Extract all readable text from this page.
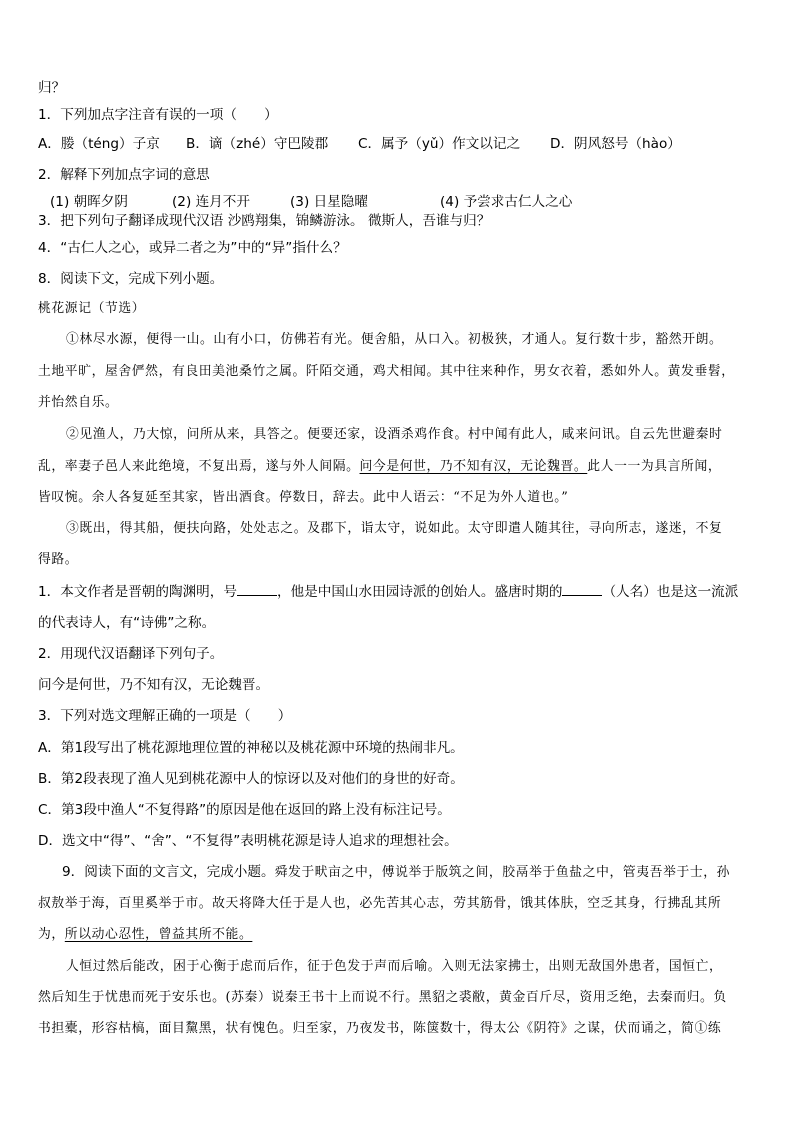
归？
1．下列加点字注音有误的一项（　　）
A．媵（téng）子京 B．谪（zhé）守巴陵郡 C．属予（yǔ）作文以记之 D．阴风怒号（hào）
2．解释下列加点字词的意思
(1) 朝晖夕阴	(2) 连月不开	(3) 日星隐曜	(4) 予尝求古仁人之心
3．把下列句子翻译成现代汉语 沙鸥翔集，锦鳞游泳。 微斯人，吾谁与归？
4．“古仁人之心，或异二者之为”中的“异”指什么？
8．阅读下文，完成下列小题。
桃花源记（节选）
①林尽水源，便得一山。山有小口，仿佛若有光。便舍船，从口入。初极狭，才通人。复行数十步，豁然开朗。
土地平旷，屋舍俨然，有良田美池桑竹之属。阡陌交通，鸡犬相闻。其中往来种作，男女衣着，悉如外人。黄发垂髫，
并怡然自乐。
②见渔人，乃大惊，问所从来，具答之。便要还家，设酒杀鸡作食。村中闻有此人，咸来问讯。自云先世避秦时
乱，率妻子邑人来此绝境，不复出焉，遂与外人间隔。问今是何世，乃不知有汉，无论魏晋。此人一一为具言所闻，
皆叹惋。余人各复延至其家，皆出酒食。停数日，辞去。此中人语云：“不足为外人道也。”
③既出，得其船，便扶向路，处处志之。及郡下，诣太守，说如此。太守即遣人随其往，寻向所志，遂迷，不复
得路。
1．本文作者是晋朝的陶渊明，号	，他是中国山水田园诗派的创始人。盛唐时期的	（人名）也是这一流派
的代表诗人，有“诗佛”之称。
2．用现代汉语翻译下列句子。
问今是何世，乃不知有汉，无论魏晋。
3．下列对选文理解正确的一项是（　　）
A．第1段写出了桃花源地理位置的神秘以及桃花源中环境的热闹非凡。
B．第2段表现了渔人见到桃花源中人的惊讶以及对他们的身世的好奇。
C．第3段中渔人“不复得路”的原因是他在返回的路上没有标注记号。
D．选文中“得”、“舍”、“不复得”表明桃花源是诗人追求的理想社会。
9．阅读下面的文言文，完成小题。舜发于畎亩之中，傅说举于版筑之间，胶鬲举于鱼盐之中，管夷吾举于士，孙
叔敖举于海，百里奚举于市。故天将降大任于是人也，必先苦其心志，劳其筋骨，饿其体肤，空乏其身，行拂乱其所
为，所以动心忍性，曾益其所不能。
人恒过然后能改，困于心衡于虑而后作，征于色发于声而后喻。入则无法家拂士，出则无敌国外患者，国恒亡，
然后知生于忧患而死于安乐也。(苏秦）说秦王书十上而说不行。黑貂之裘敝，黄金百斤尽，资用乏绝，去秦而归。负
书担橐，形容枯槁，面目黧黑，状有愧色。归至家，乃夜发书，陈箧数十，得太公《阴符》之谋，伏而诵之，简①练
